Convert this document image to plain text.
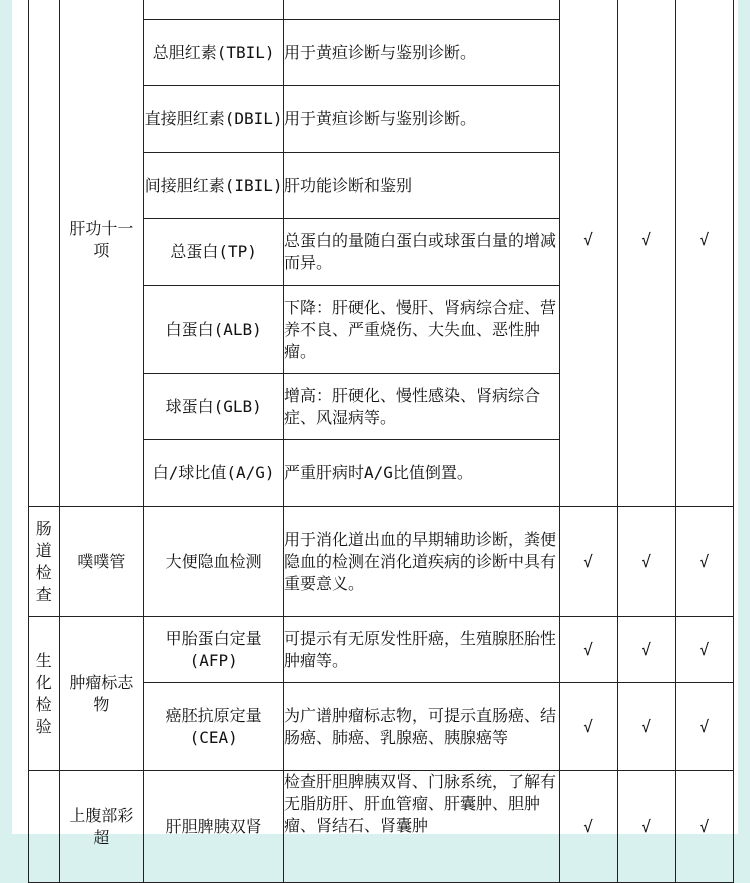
	肝功十一项			√	√	√
		总胆红素(TBIL)	用于黄疸诊断与鉴别诊断。			
		直接胆红素(DBIL)	用于黄疸诊断与鉴别诊断。			
		间接胆红素(IBIL)	肝功能诊断和鉴别			
		总蛋白(TP)	总蛋白的量随白蛋白或球蛋白量的增减而异。			
		白蛋白(ALB)	下降：肝硬化、慢肝、肾病综合症、营养不良、严重烧伤、大失血、恶性肿瘤。			
		球蛋白(GLB)	增高：肝硬化、慢性感染、肾病综合症、风湿病等。			
		白/球比值(A/G)	严重肝病时A/G比值倒置。			

肠道检查	噗噗管	大便隐血检测	用于消化道出血的早期辅助诊断，粪便隐血的检测在消化道疾病的诊断中具有重要意义。	√	√	√

生化检验	肿瘤标志物	甲胎蛋白定量(AFP)	可提示有无原发性肝癌，生殖腺胚胎性肿瘤等。	√	√	√
		癌胚抗原定量(CEA)	为广谱肿瘤标志物，可提示直肠癌、结肠癌、肺癌、乳腺癌、胰腺癌等	√	√	√

	上腹部彩超	肝胆脾胰双肾	检查肝胆脾胰双肾、门脉系统，了解有无脂肪肝、肝血管瘤、肝囊肿、胆肿瘤、肾结石、肾囊肿	√	√	√
